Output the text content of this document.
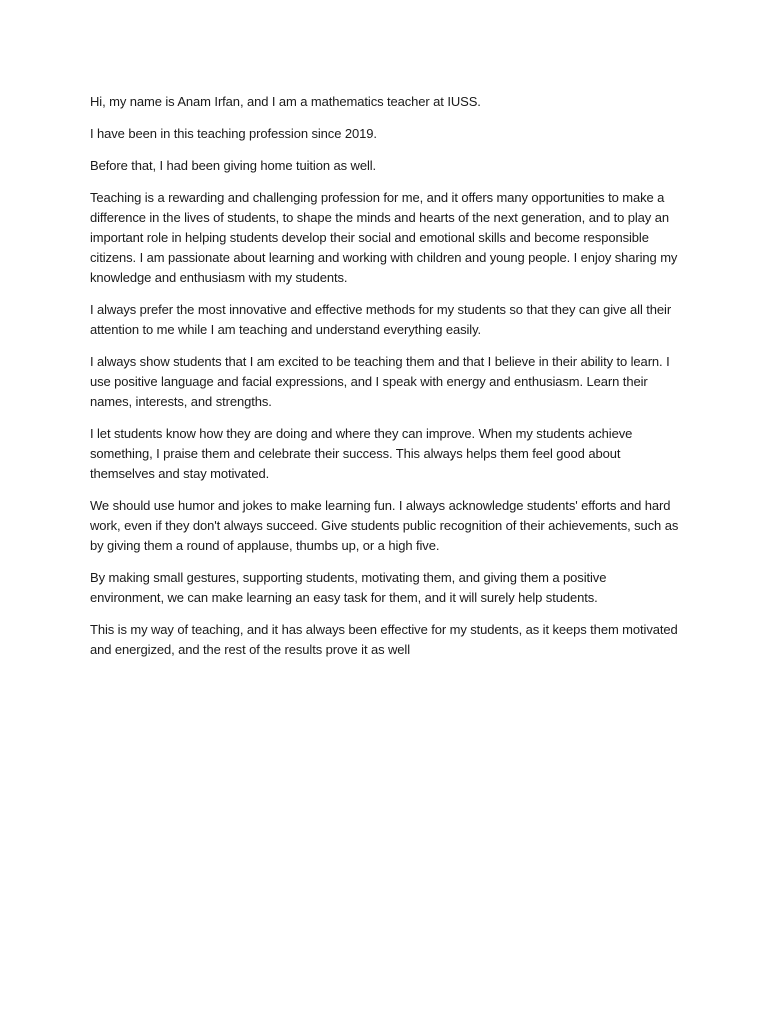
Hi, my name is Anam Irfan, and I am a mathematics teacher at IUSS.

I have been in this teaching profession since 2019.

Before that, I had been giving home tuition as well.

Teaching is a rewarding and challenging profession for me, and it offers many opportunities to make a difference in the lives of students, to shape the minds and hearts of the next generation, and to play an important role in helping students develop their social and emotional skills and become responsible citizens. I am passionate about learning and working with children and young people. I enjoy sharing my knowledge and enthusiasm with my students.

I always prefer the most innovative and effective methods for my students so that they can give all their attention to me while I am teaching and understand everything easily.

I always show students that I am excited to be teaching them and that I believe in their ability to learn. I use positive language and facial expressions, and I speak with energy and enthusiasm. Learn their names, interests, and strengths.

I let students know how they are doing and where they can improve. When my students achieve something, I praise them and celebrate their success. This always helps them feel good about themselves and stay motivated.

We should use humor and jokes to make learning fun. I always acknowledge students' efforts and hard work, even if they don't always succeed. Give students public recognition of their achievements, such as by giving them a round of applause, thumbs up, or a high five.

By making small gestures, supporting students, motivating them, and giving them a positive environment, we can make learning an easy task for them, and it will surely help students.

This is my way of teaching, and it has always been effective for my students, as it keeps them motivated and energized, and the rest of the results prove it as well
